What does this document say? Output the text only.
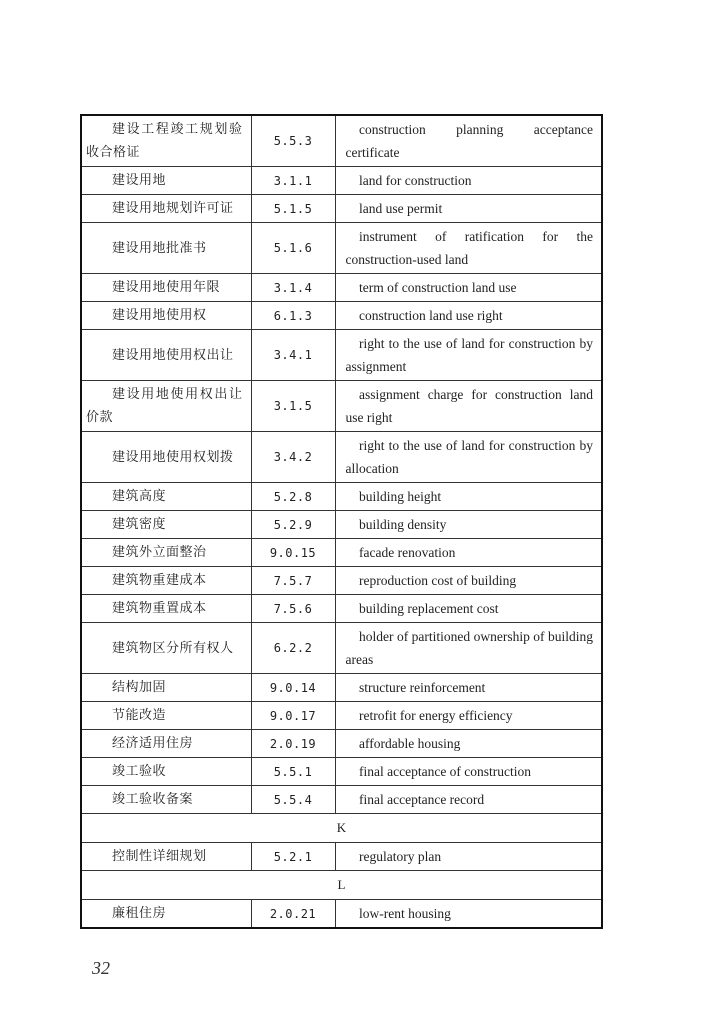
建设工程竣工规划验收合格证	5.5.3	construction planning acceptance certificate
建设用地	3.1.1	land for construction
建设用地规划许可证	5.1.5	land use permit
建设用地批准书	5.1.6	instrument of ratification for the construction-used land
建设用地使用年限	3.1.4	term of construction land use
建设用地使用权	6.1.3	construction land use right
建设用地使用权出让	3.4.1	right to the use of land for construction by assignment
建设用地使用权出让价款	3.1.5	assignment charge for construction land use right
建设用地使用权划拨	3.4.2	right to the use of land for construction by allocation
建筑高度	5.2.8	building height
建筑密度	5.2.9	building density
建筑外立面整治	9.0.15	facade renovation
建筑物重建成本	7.5.7	reproduction cost of building
建筑物重置成本	7.5.6	building replacement cost
建筑物区分所有权人	6.2.2	holder of partitioned ownership of building areas
结构加固	9.0.14	structure reinforcement
节能改造	9.0.17	retrofit for energy efficiency
经济适用住房	2.0.19	affordable housing
竣工验收	5.5.1	final acceptance of construction
竣工验收备案	5.5.4	final acceptance record
K		
控制性详细规划	5.2.1	regulatory plan
L		
廉租住房	2.0.21	low-rent housing
32
